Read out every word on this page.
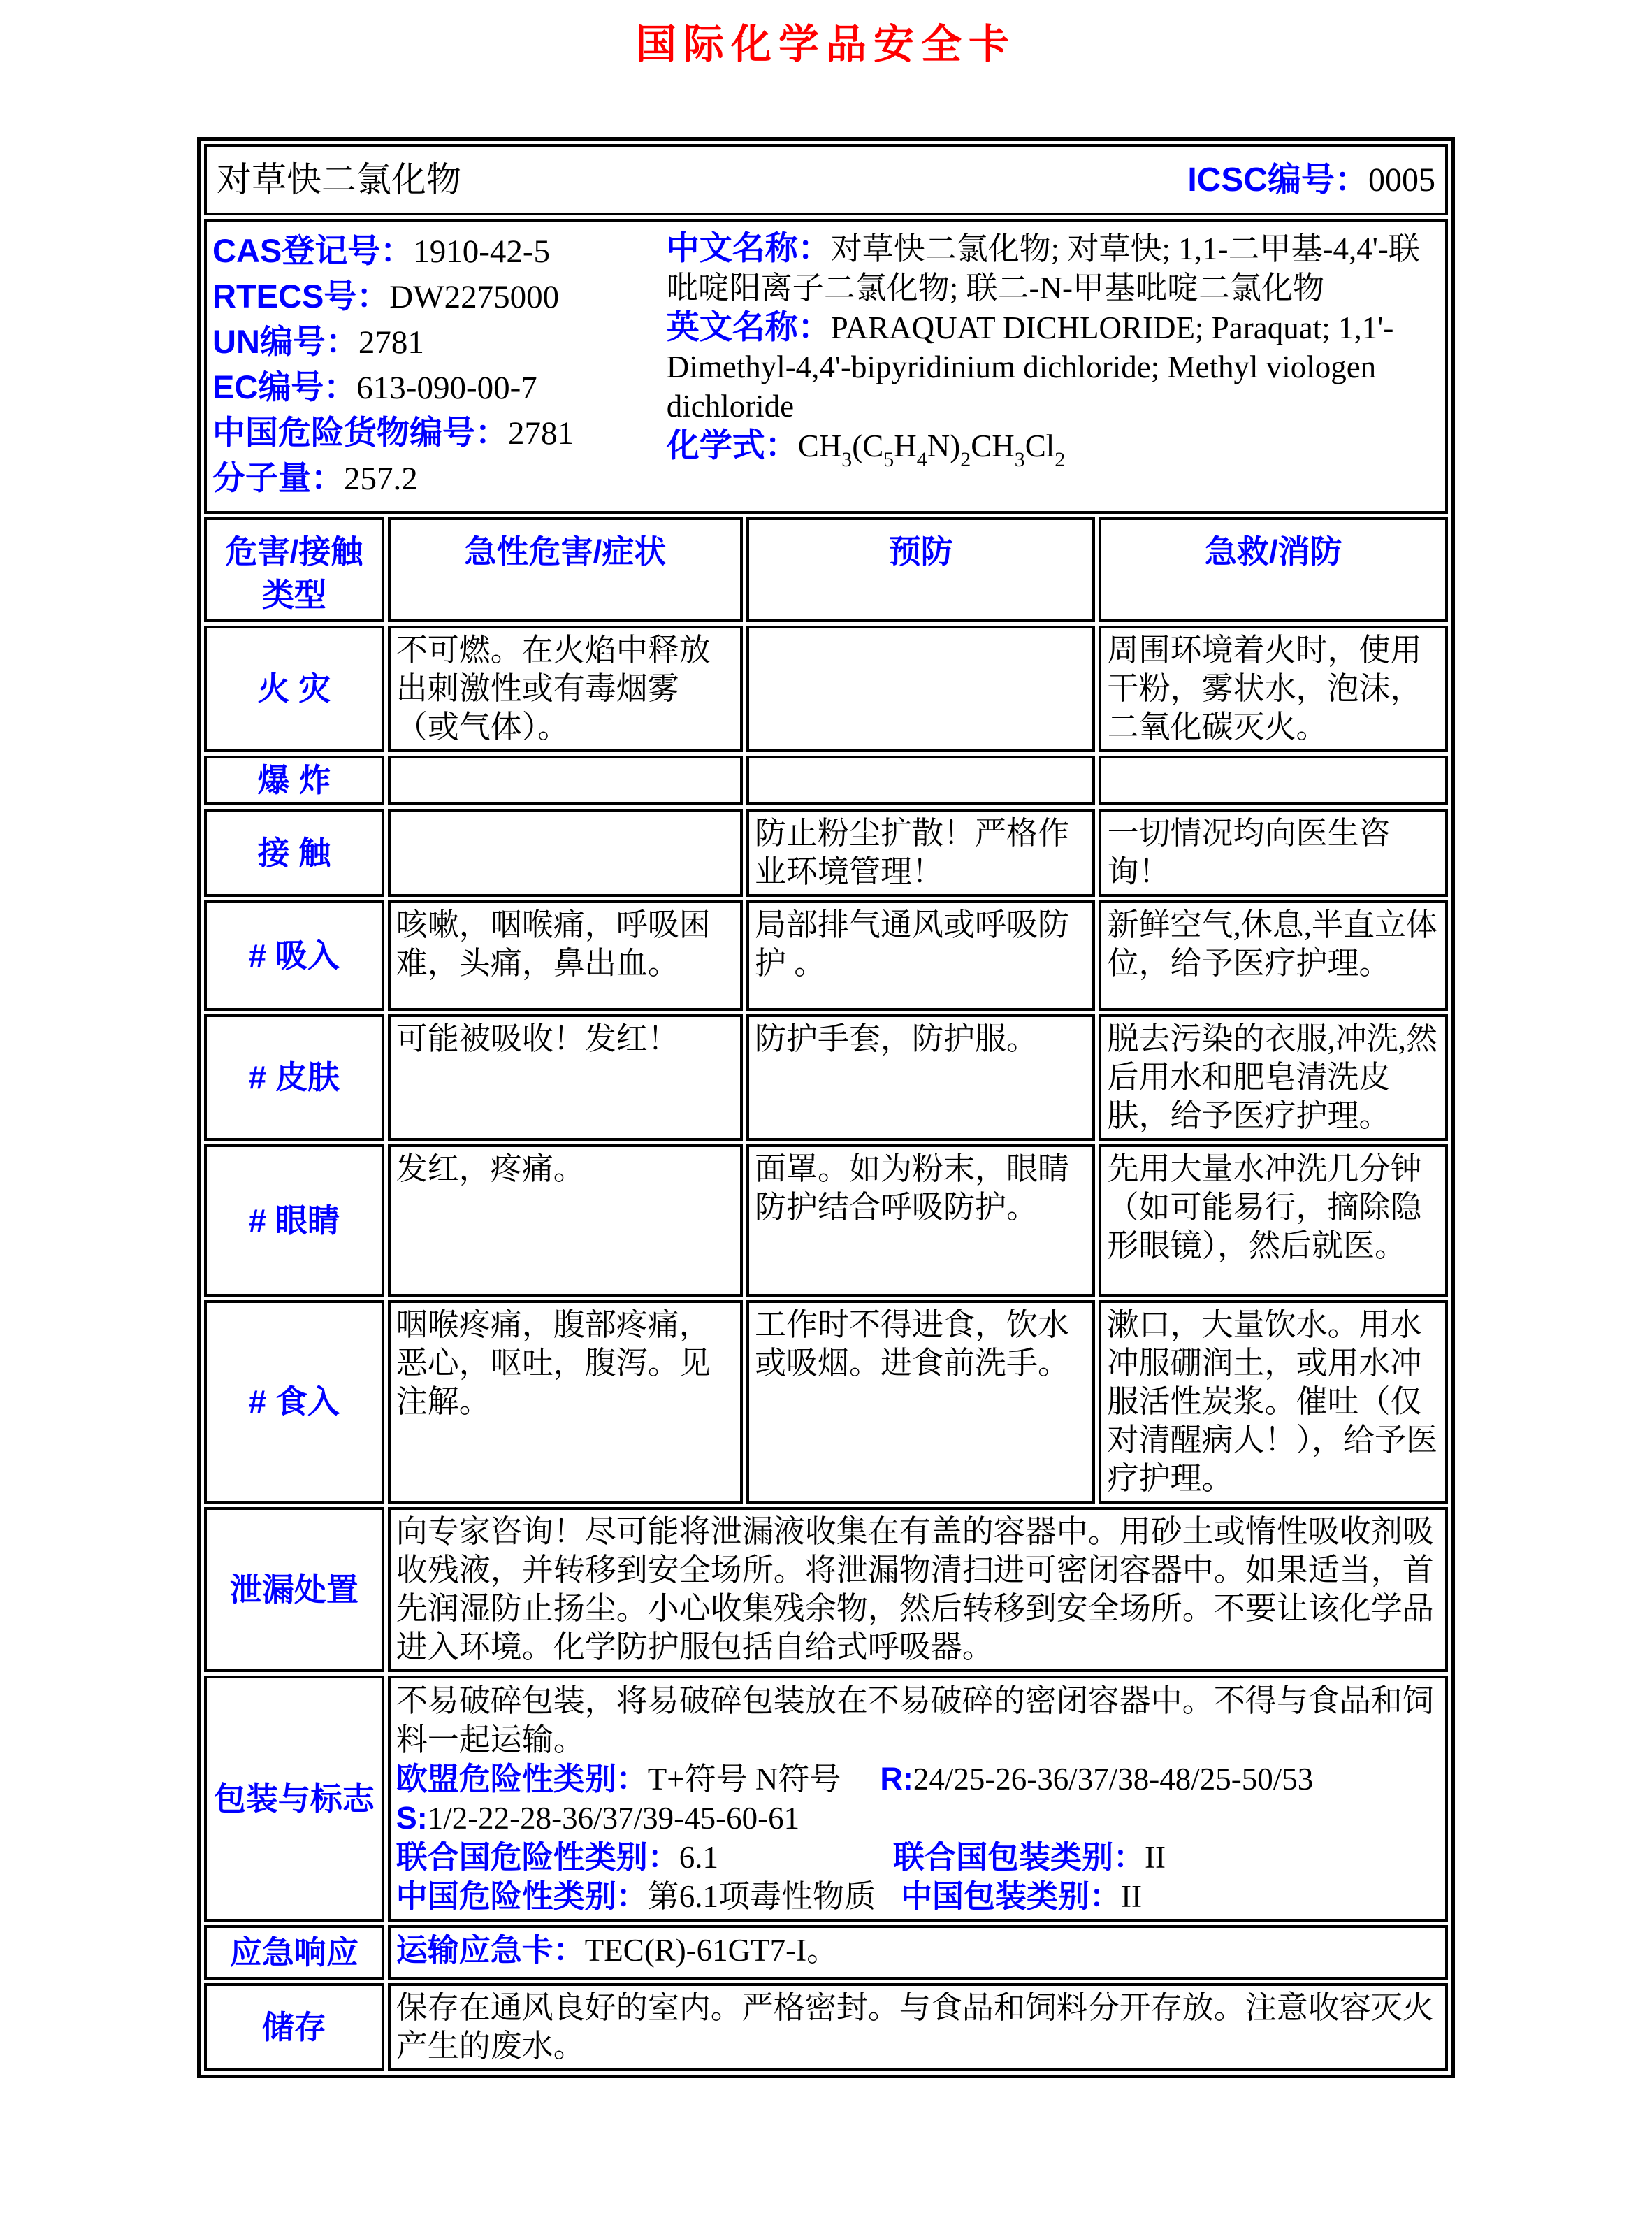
国际化学品安全卡
对草快二氯化物 ICSC编号：0005			

CAS登记号：1910-42-5
RTECS号：DW2275000
UN编号：2781
EC编号：613-090-00-7
中国危险货物编号：2781
分子量：257.2
中文名称：对草快二氯化物; 对草快; 1,1-二甲基-4,4'-联吡啶阳离子二氯化物; 联二-N-甲基吡啶二氯化物
英文名称：PARAQUAT DICHLORIDE; Paraquat; 1,1'-Dimethyl-4,4'-bipyridinium dichloride; Methyl viologen dichloride
化学式：$CH_3(C_5H_4N)_2CH_3Cl_2$

危害/接触
类型	急性危害/症状	预防	急救/消防
火 灾	不可燃。在火焰中释放出刺激性或有毒烟雾（或气体）。		周围环境着火时，使用干粉，雾状水，泡沫，二氧化碳灭火。
爆 炸			
接 触		防止粉尘扩散！严格作业环境管理！	一切情况均向医生咨询！
# 吸入	咳嗽，咽喉痛，呼吸困难，头痛，鼻出血。	局部排气通风或呼吸防护 。	新鲜空气,休息,半直立体位，给予医疗护理。
# 皮肤	可能被吸收！发红！	防护手套，防护服。	脱去污染的衣服,冲洗,然后用水和肥皂清洗皮肤，给予医疗护理。
# 眼睛	发红，疼痛。	面罩。如为粉末，眼睛防护结合呼吸防护。	先用大量水冲洗几分钟（如可能易行，摘除隐形眼镜），然后就医。
# 食入	咽喉疼痛，腹部疼痛，恶心，呕吐，腹泻。见注解。	工作时不得进食，饮水或吸烟。进食前洗手。	漱口，大量饮水。用水冲服硼润土，或用水冲服活性炭浆。催吐（仅对清醒病人！），给予医疗护理。
泄漏处置	向专家咨询！尽可能将泄漏液收集在有盖的容器中。用砂土或惰性吸收剂吸收残液，并转移到安全场所。将泄漏物清扫进可密闭容器中。如果适当，首先润湿防止扬尘。小心收集残余物，然后转移到安全场所。不要让该化学品进入环境。化学防护服包括自给式呼吸器。		
包装与标志	不易破碎包装，将易破碎包装放在不易破碎的密闭容器中。不得与食品和饲料一起运输。
欧盟危险性类别：T+符号 N符号 R:24/25-26-36/37/38-48/25-50/53
S:1/2-22-28-36/37/39-45-60-61
联合国危险性类别：6.1 联合国包装类别：II
中国危险性类别：第6.1项毒性物质 中国包装类别：II		

应急响应	运输应急卡：TEC(R)-61GT7-I。		
储存	保存在通风良好的室内。严格密封。与食品和饲料分开存放。注意收容灭火产生的废水。		
